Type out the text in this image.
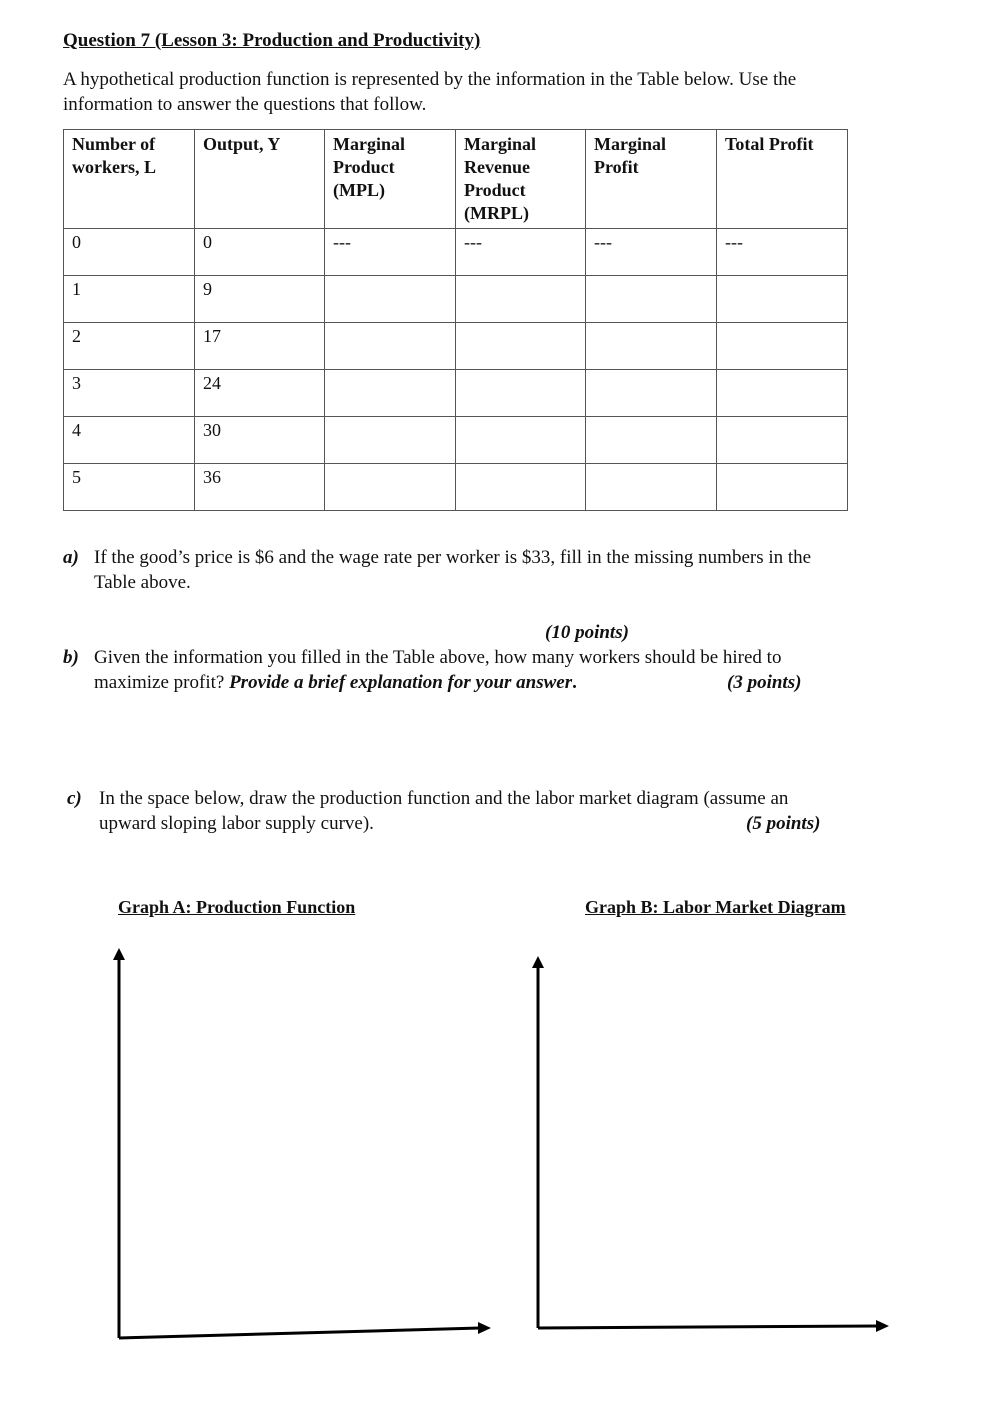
Question 7 (Lesson 3: Production and Productivity)
A hypothetical production function is represented by the information in the Table below. Use the information to answer the questions that follow.
Number of workers, L	Output, Y	Marginal Product (MPL)	Marginal Revenue Product (MRPL)	Marginal Profit	Total Profit
0	0	---	---	---	---
1	9				
2	17				
3	24				
4	30				
5	36				
a) If the good’s price is $6 and the wage rate per worker is $33, fill in the missing numbers in the Table above.
(10 points)
b) Given the information you filled in the Table above, how many workers should be hired to maximize profit? Provide a brief explanation for your answer.	(3 points)
c) In the space below, draw the production function and the labor market diagram (assume an upward sloping labor supply curve).	(5 points)
Graph A: Production Function	Graph B: Labor Market Diagram
